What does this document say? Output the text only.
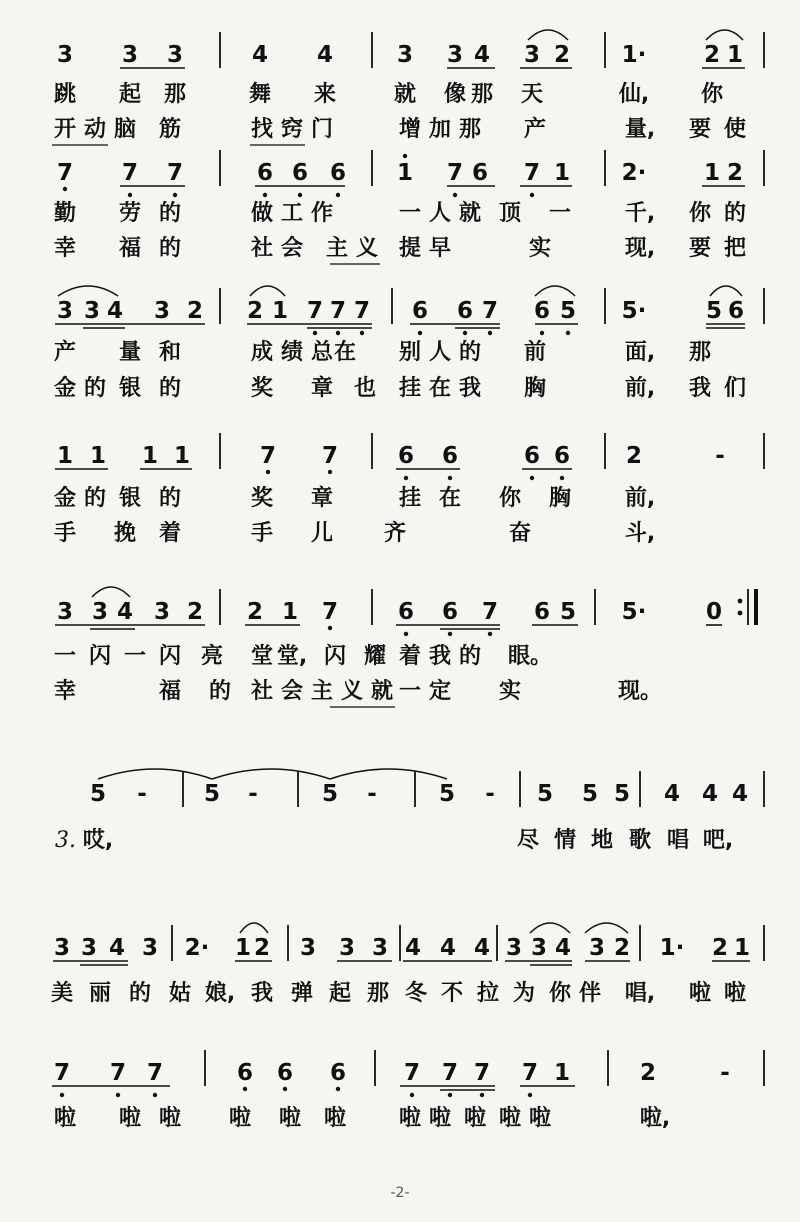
3 3 3	4 4	3 3 4 3 2 1·	2 1
7 7 7	6 6 6 1 7 6 7 1 2·	1 2
3 3 4 3 2 2 1 7 7 7 6 6 7 6 5 5·	5 6
1 1 1 1	7 7	6 6	6 6 2	-
3 3 4 3 2 2 1 7	6 6 7 6 5 5·	0
5 - 5 -	5 -	5 - 5 5 5 4 4 4
3 3 4 3 2· 1 2 3 3 3 4 4 4 3 3 4 3 2 1· 2 1
7 7 7	6 6 6	7 7 7 7 1	2	-
跳 起 那	舞 来	就 像 那 天	仙, 你
开 动 脑 筋	找 窍 门	增 加 那 产	量, 要 使
勤 劳 的	做 工 作	一 人 就 顶 一 千, 你 的
幸 福 的	社 会 主 义 提 早	实	现, 要 把
产 量 和	成 绩 总 在 别 人 的 前	面, 那
金 的 银 的	奖 章 也 挂 在 我 胸	前, 我 们
金 的 银 的	奖 章	挂 在 你 胸 前,
手 挽 着	手 儿 齐	奋	斗,
一 闪 一 闪 亮 堂 堂, 闪 耀 着 我 的 眼。
幸	福 的 社 会 主 义 就 一 定 实	现。
3. 哎,	尽 情 地 歌 唱 吧,
美 丽 的 姑 娘, 我 弹 起 那 冬 不 拉 为 你 伴 唱, 啦 啦
啦 啦 啦 啦 啦 啦 啦 啦 啦 啦 啦	啦,
-2-
